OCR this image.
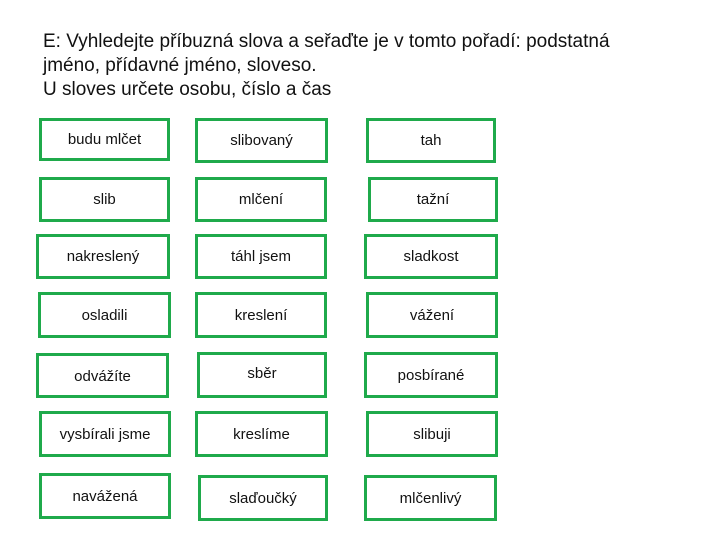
E: Vyhledejte příbuzná slova a seřaďte je v tomto pořadí: podstatná
jméno, přídavné jméno, sloveso.
U sloves určete osobu, číslo a čas
budu mlčet	slibovaný	tah
slib	mlčení	tažní
nakreslený	táhl jsem	sladkost
osladili	kreslení	vážení
odvážíte	sběr	posbírané
vysbírali jsme	kreslíme	slibuji
navážená	slaďoučký	mlčenlivý
